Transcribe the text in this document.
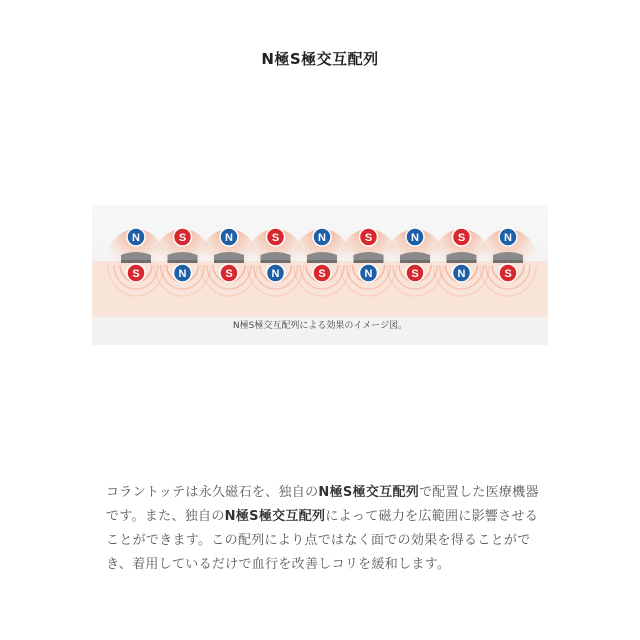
N極S極交互配列
N
S
S
N
N
S
S
N
N
S
S
N
N
S
S
N
N
S
N極S極交互配列による効果のイメージ図。

コラントッテは永久磁石を、独自のN極S極交互配列で配置した医療機器です。また、独自のN極S極交互配列によって磁力を広範囲に影響させることができます。この配列により点ではなく面での効果を得ることができ、着用しているだけで血行を改善しコリを緩和します。
